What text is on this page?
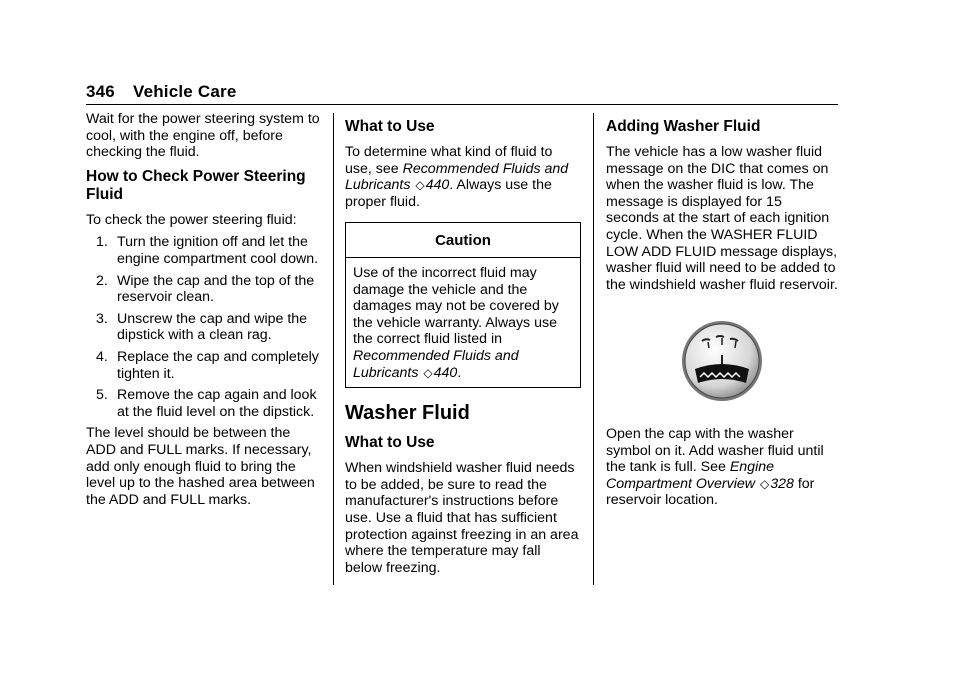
346 Vehicle Care

Wait for the power steering system to cool, with the engine off, before checking the fluid.

How to Check Power Steering Fluid

To check the power steering fluid:

1. Turn the ignition off and let the engine compartment cool down.
2. Wipe the cap and the top of the reservoir clean.
3. Unscrew the cap and wipe the dipstick with a clean rag.
4. Replace the cap and completely tighten it.
5. Remove the cap again and look at the fluid level on the dipstick.

The level should be between the ADD and FULL marks. If necessary, add only enough fluid to bring the level up to the hashed area between the ADD and FULL marks.

What to Use

To determine what kind of fluid to use, see Recommended Fluids and Lubricants ◇440. Always use the proper fluid.

Caution
Use of the incorrect fluid may damage the vehicle and the damages may not be covered by the vehicle warranty. Always use the correct fluid listed in Recommended Fluids and Lubricants ◇440.
Washer Fluid
What to Use

When windshield washer fluid needs to be added, be sure to read the manufacturer's instructions before use. Use a fluid that has sufficient protection against freezing in an area where the temperature may fall below freezing.

Adding Washer Fluid

The vehicle has a low washer fluid message on the DIC that comes on when the washer fluid is low. The message is displayed for 15 seconds at the start of each ignition cycle. When the WASHER FLUID LOW ADD FLUID message displays, washer fluid will need to be added to the windshield washer fluid reservoir.

Open the cap with the washer symbol on it. Add washer fluid until the tank is full. See Engine Compartment Overview ◇328 for reservoir location.
